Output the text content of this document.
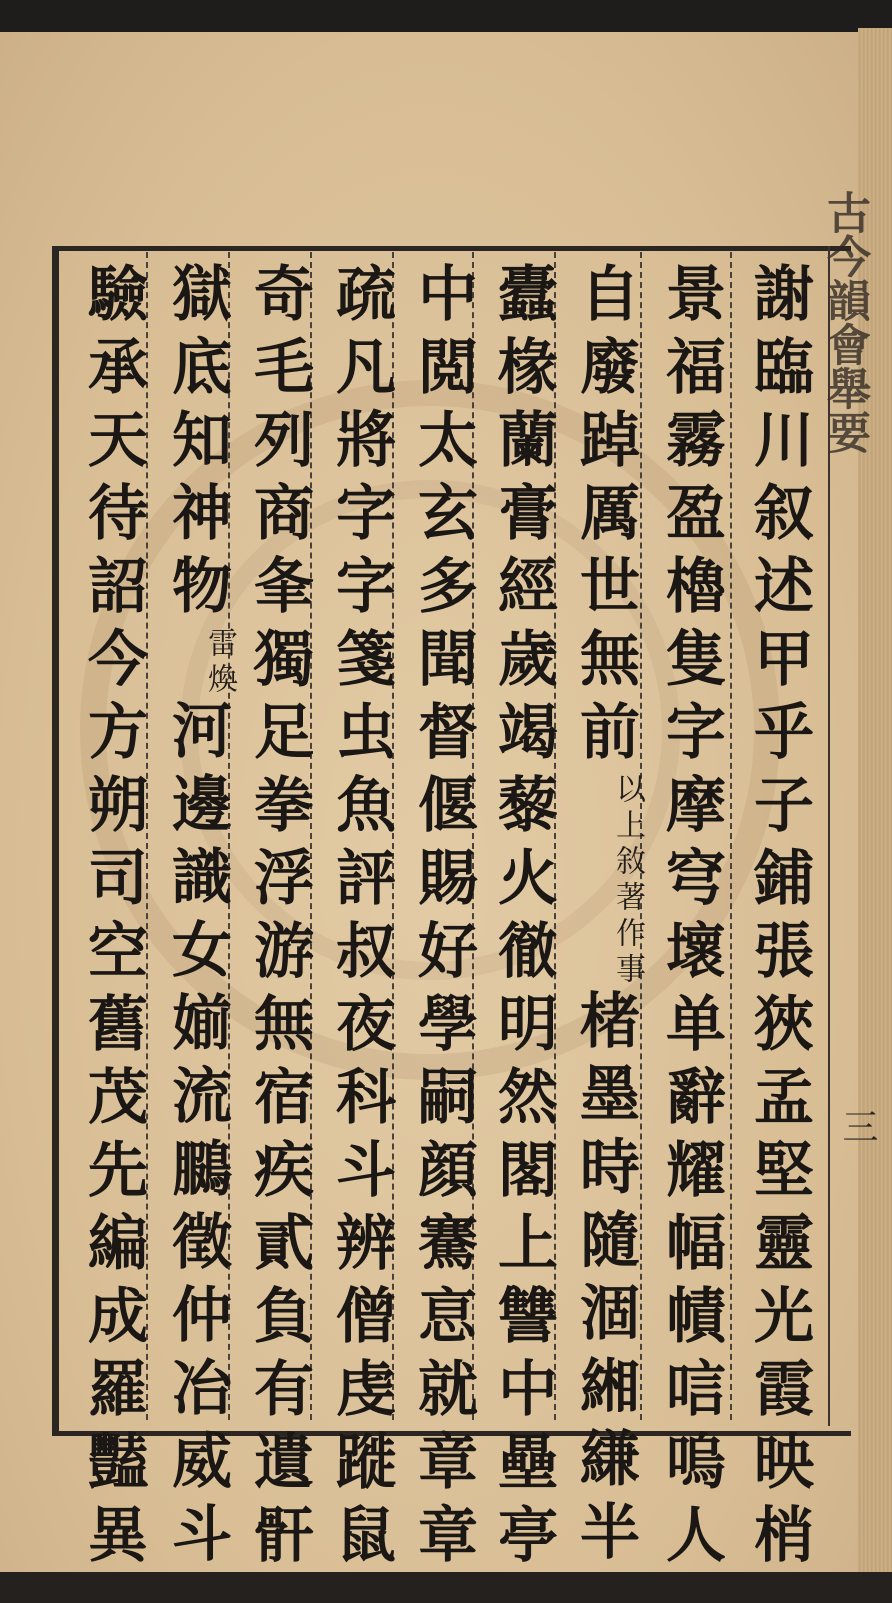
三
謝臨川叙述甲乎子鋪張狹孟堅靈光霞映梢
景福霧盈櫓隻字摩穹壞单辭耀幅幘唁嗚人
自廢踔厲世無前以上敘著作事楮墨時隨涸緗縑半
蠹椽蘭膏經歲竭藜火徹明然閣上讐中壘亭
中閲太玄多聞督偃賜好學嗣顔騫恴就章章
疏凡將字字箋虫魚評叔夜科斗辨僧虔蹝鼠
奇毛列商夆獨足拳浮游無宿疾貳負有遺骭
獄底知神物雷煥河邊識女媊流鵩徵仲冶威斗
驗承天待詔今方朔司空舊茂先編成羅豔異
